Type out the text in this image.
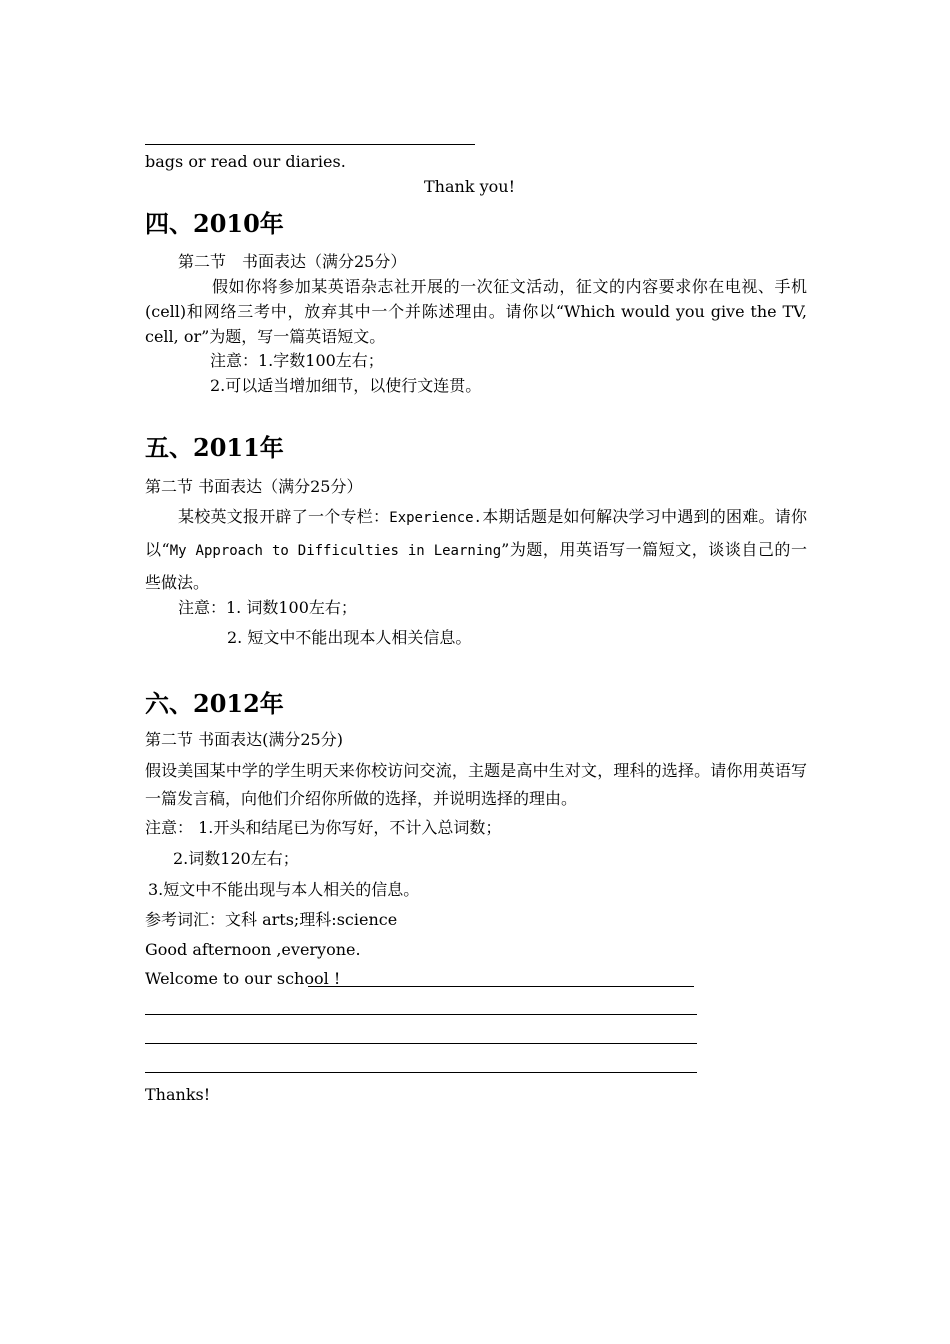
bags or read our diaries.
Thank you!
四、2010年
第二节　书面表达（满分25分）
假如你将参加某英语杂志社开展的一次征文活动，征文的内容要求你在电视、手机(cell)和网络三考中，放弃其中一个并陈述理由。请你以“Which would you give the TV, cell, or”为题，写一篇英语短文。
注意：1.字数100左右；
2.可以适当增加细节，以使行文连贯。
五、2011年
第二节 书面表达（满分25分）
某校英文报开辟了一个专栏：Experience.本期话题是如何解决学习中遇到的困难。请你以“My Approach to Difficulties in Learning”为题，用英语写一篇短文，谈谈自己的一些做法。
注意：1. 词数100左右；
2. 短文中不能出现本人相关信息。
六、2012年
第二节 书面表达(满分25分)
假设美国某中学的学生明天来你校访问交流，主题是高中生对文，理科的选择。请你用英语写一篇发言稿，向他们介绍你所做的选择，并说明选择的理由。
注意： 1.开头和结尾已为你写好，不计入总词数；
2.词数120左右；
3.短文中不能出现与本人相关的信息。
参考词汇：文科 arts;理科:science
Good afternoon ,everyone.
Welcome to our school !
Thanks!
